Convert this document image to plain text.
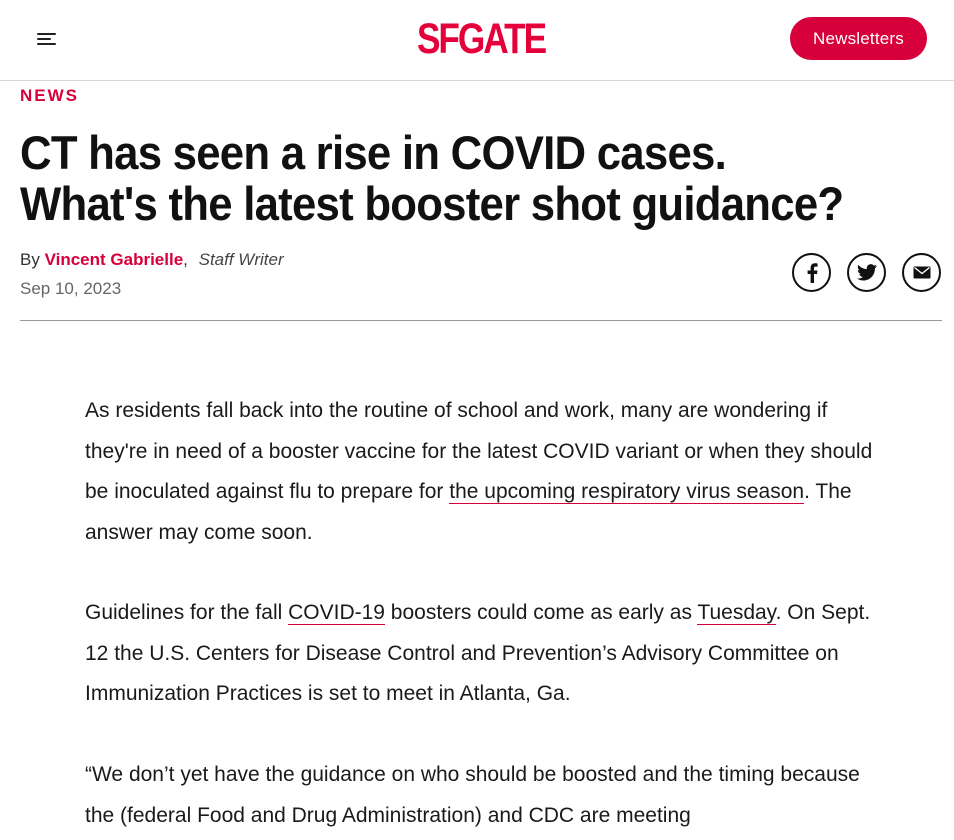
SFGATE	Newsletters
NEWS
CT has seen a rise in COVID cases. What's the latest booster shot guidance?
By Vincent Gabrielle, Staff Writer
Sep 10, 2023

As residents fall back into the routine of school and work, many are wondering if they're in need of a booster vaccine for the latest COVID variant or when they should be inoculated against flu to prepare for the upcoming respiratory virus season. The answer may come soon.

Guidelines for the fall COVID-19 boosters could come as early as Tuesday. On Sept. 12 the U.S. Centers for Disease Control and Prevention’s Advisory Committee on Immunization Practices is set to meet in Atlanta, Ga.

“We don’t yet have the guidance on who should be boosted and the timing because the (federal Food and Drug Administration) and CDC are meeting
